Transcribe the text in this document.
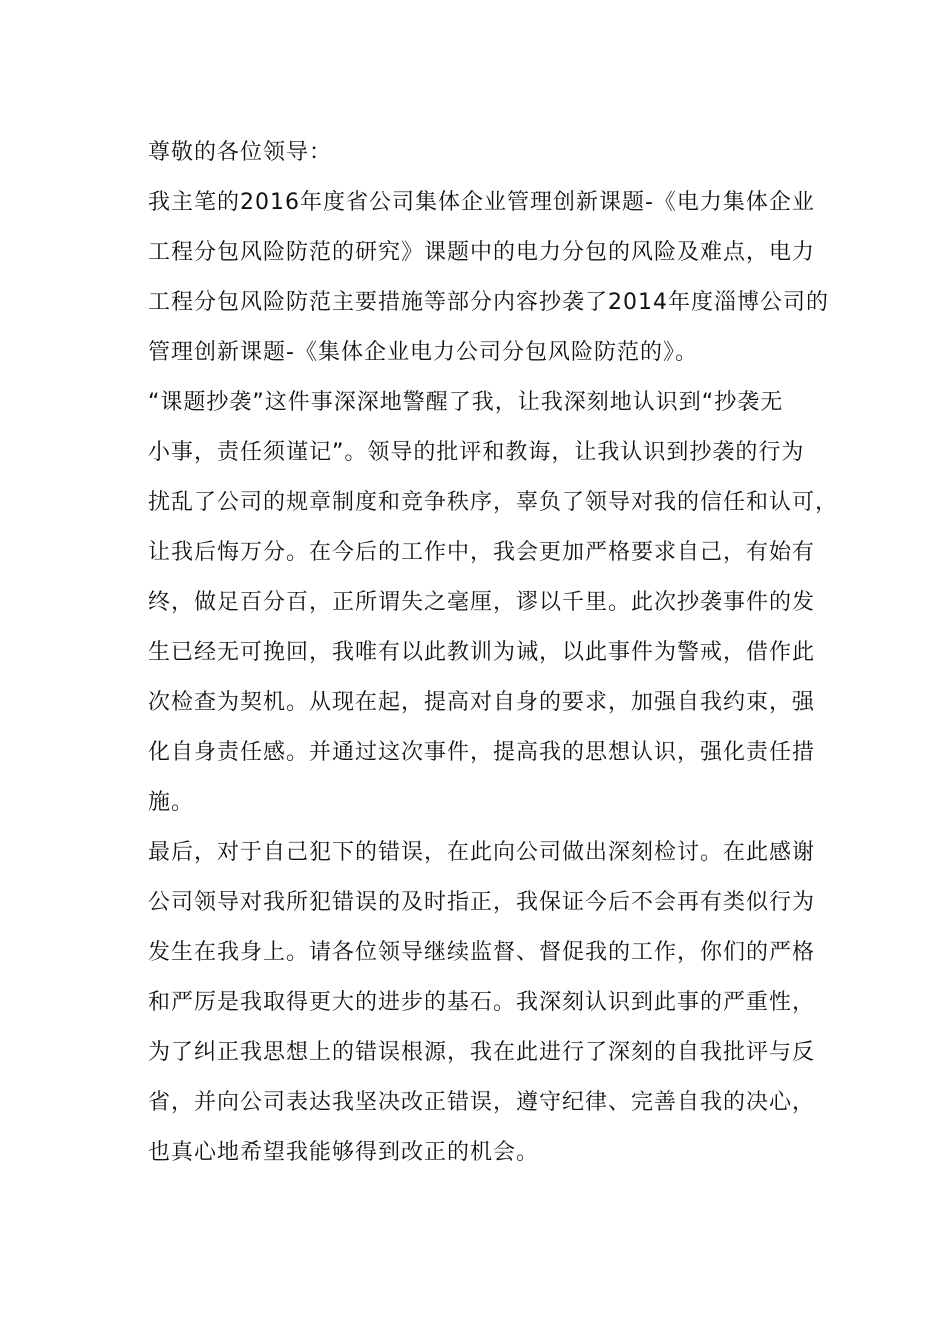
尊敬的各位领导：
我主笔的2016年度省公司集体企业管理创新课题-《电力集体企业
工程分包风险防范的研究》课题中的电力分包的风险及难点，电力
工程分包风险防范主要措施等部分内容抄袭了2014年度淄博公司的
管理创新课题-《集体企业电力公司分包风险防范的》。
“课题抄袭”这件事深深地警醒了我，让我深刻地认识到“抄袭无
小事，责任须谨记”。领导的批评和教诲，让我认识到抄袭的行为
扰乱了公司的规章制度和竞争秩序，辜负了领导对我的信任和认可，
让我后悔万分。在今后的工作中，我会更加严格要求自己，有始有
终，做足百分百，正所谓失之毫厘，谬以千里。此次抄袭事件的发
生已经无可挽回，我唯有以此教训为诫，以此事件为警戒，借作此
次检查为契机。从现在起，提高对自身的要求，加强自我约束，强
化自身责任感。并通过这次事件，提高我的思想认识，强化责任措
施。
最后，对于自己犯下的错误，在此向公司做出深刻检讨。在此感谢
公司领导对我所犯错误的及时指正，我保证今后不会再有类似行为
发生在我身上。请各位领导继续监督、督促我的工作，你们的严格
和严厉是我取得更大的进步的基石。我深刻认识到此事的严重性，
为了纠正我思想上的错误根源，我在此进行了深刻的自我批评与反
省，并向公司表达我坚决改正错误，遵守纪律、完善自我的决心，
也真心地希望我能够得到改正的机会。
